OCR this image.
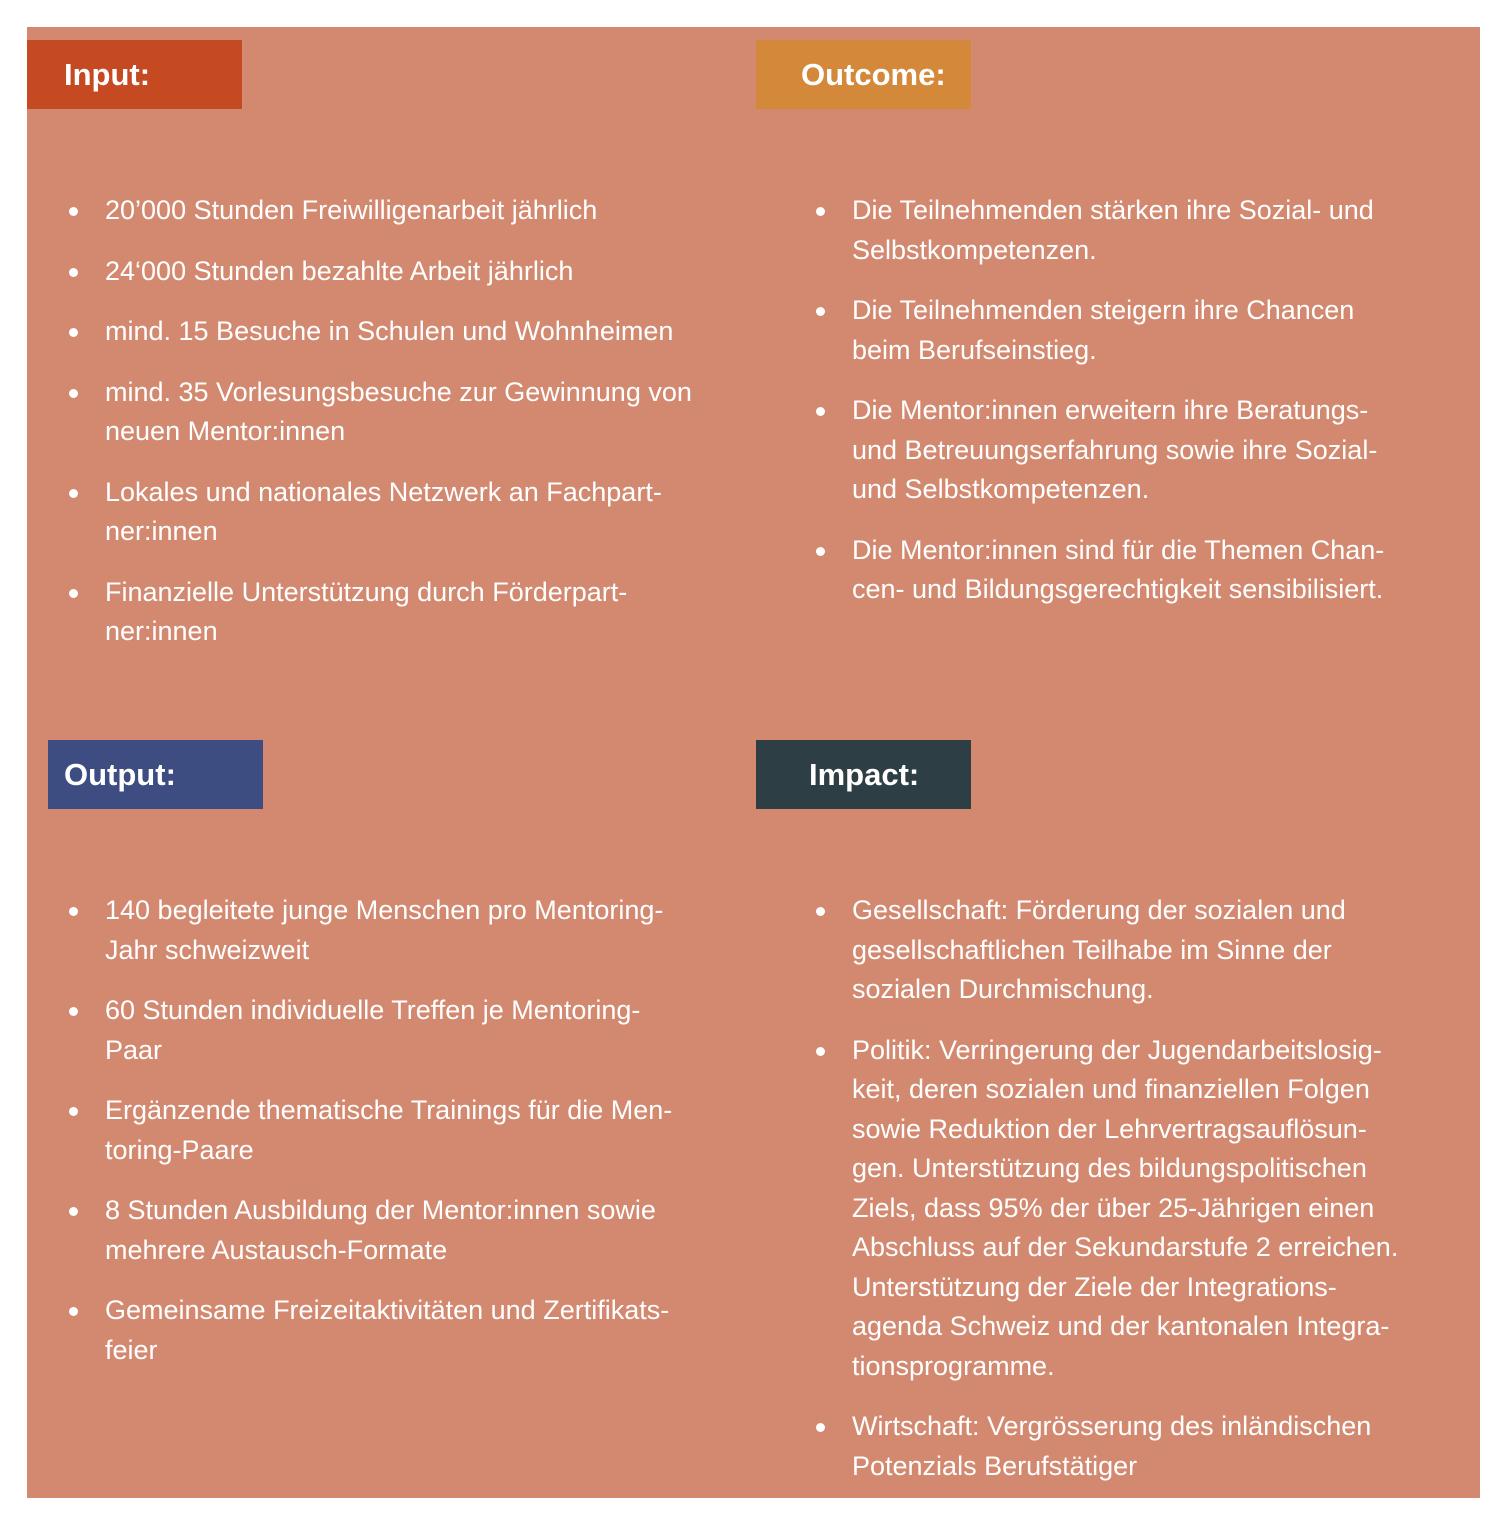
Input:
20’000 Stunden Freiwilligenarbeit jährlich
24‘000 Stunden bezahlte Arbeit jährlich
mind. 15 Besuche in Schulen und Wohnheimen
mind. 35 Vorlesungsbesuche zur Gewinnung von
neuen Mentor:innen
Lokales und nationales Netzwerk an Fachpart-
ner:innen
Finanzielle Unterstützung durch Förderpart-
ner:innen
Outcome:
Die Teilnehmenden stärken ihre Sozial- und
Selbstkompetenzen.
Die Teilnehmenden steigern ihre Chancen
beim Berufseinstieg.
Die Mentor:innen erweitern ihre Beratungs-
und Betreuungserfahrung sowie ihre Sozial-
und Selbstkompetenzen.
Die Mentor:innen sind für die Themen Chan-
cen- und Bildungsgerechtigkeit sensibilisiert.
Output:
140 begleitete junge Menschen pro Mentoring-
Jahr schweizweit
60 Stunden individuelle Treffen je Mentoring-
Paar
Ergänzende thematische Trainings für die Men-
toring-Paare
8 Stunden Ausbildung der Mentor:innen sowie
mehrere Austausch-Formate
Gemeinsame Freizeitaktivitäten und Zertifikats-
feier
Impact:
Gesellschaft: Förderung der sozialen und
gesellschaftlichen Teilhabe im Sinne der
sozialen Durchmischung.
Politik: Verringerung der Jugendarbeitslosig-
keit, deren sozialen und finanziellen Folgen
sowie Reduktion der Lehrvertragsauflösun-
gen. Unterstützung des bildungspolitischen
Ziels, dass 95% der über 25-Jährigen einen
Abschluss auf der Sekundarstufe 2 erreichen.
Unterstützung der Ziele der Integrations-
agenda Schweiz und der kantonalen Integra-
tionsprogramme.
Wirtschaft: Vergrösserung des inländischen
Potenzials Berufstätiger
